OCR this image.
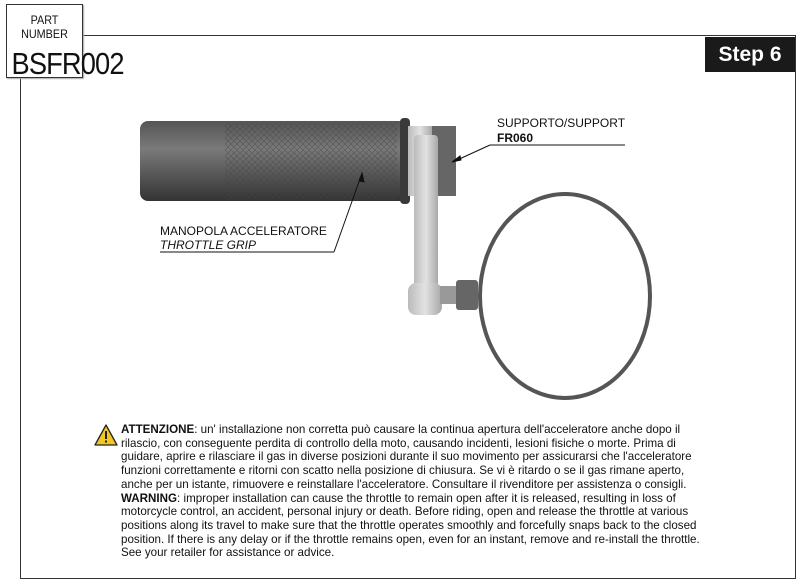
PART NUMBER
BSFR002	Step 6
SUPPORTO/SUPPORT
FR060
MANOPOLA ACCELERATORE
THROTTLE GRIP
ATTENZIONE: un' installazione non corretta può causare la continua apertura dell'acceleratore anche dopo il
rilascio, con conseguente perdita di controllo della moto, causando incidenti, lesioni fisiche o morte. Prima di
guidare, aprire e rilasciare il gas in diverse posizioni durante il suo movimento per assicurarsi che l'acceleratore
funzioni correttamente e ritorni con scatto nella posizione di chiusura. Se vi è ritardo o se il gas rimane aperto,
anche per un istante, rimuovere e reinstallare l'acceleratore. Consultare il rivenditore per assistenza o consigli.
WARNING: improper installation can cause the throttle to remain open after it is released, resulting in loss of
motorcycle control, an accident, personal injury or death. Before riding, open and release the throttle at various
positions along its travel to make sure that the throttle operates smoothly and forcefully snaps back to the closed
position. If there is any delay or if the throttle remains open, even for an instant, remove and re-install the throttle.
See your retailer for assistance or advice.
